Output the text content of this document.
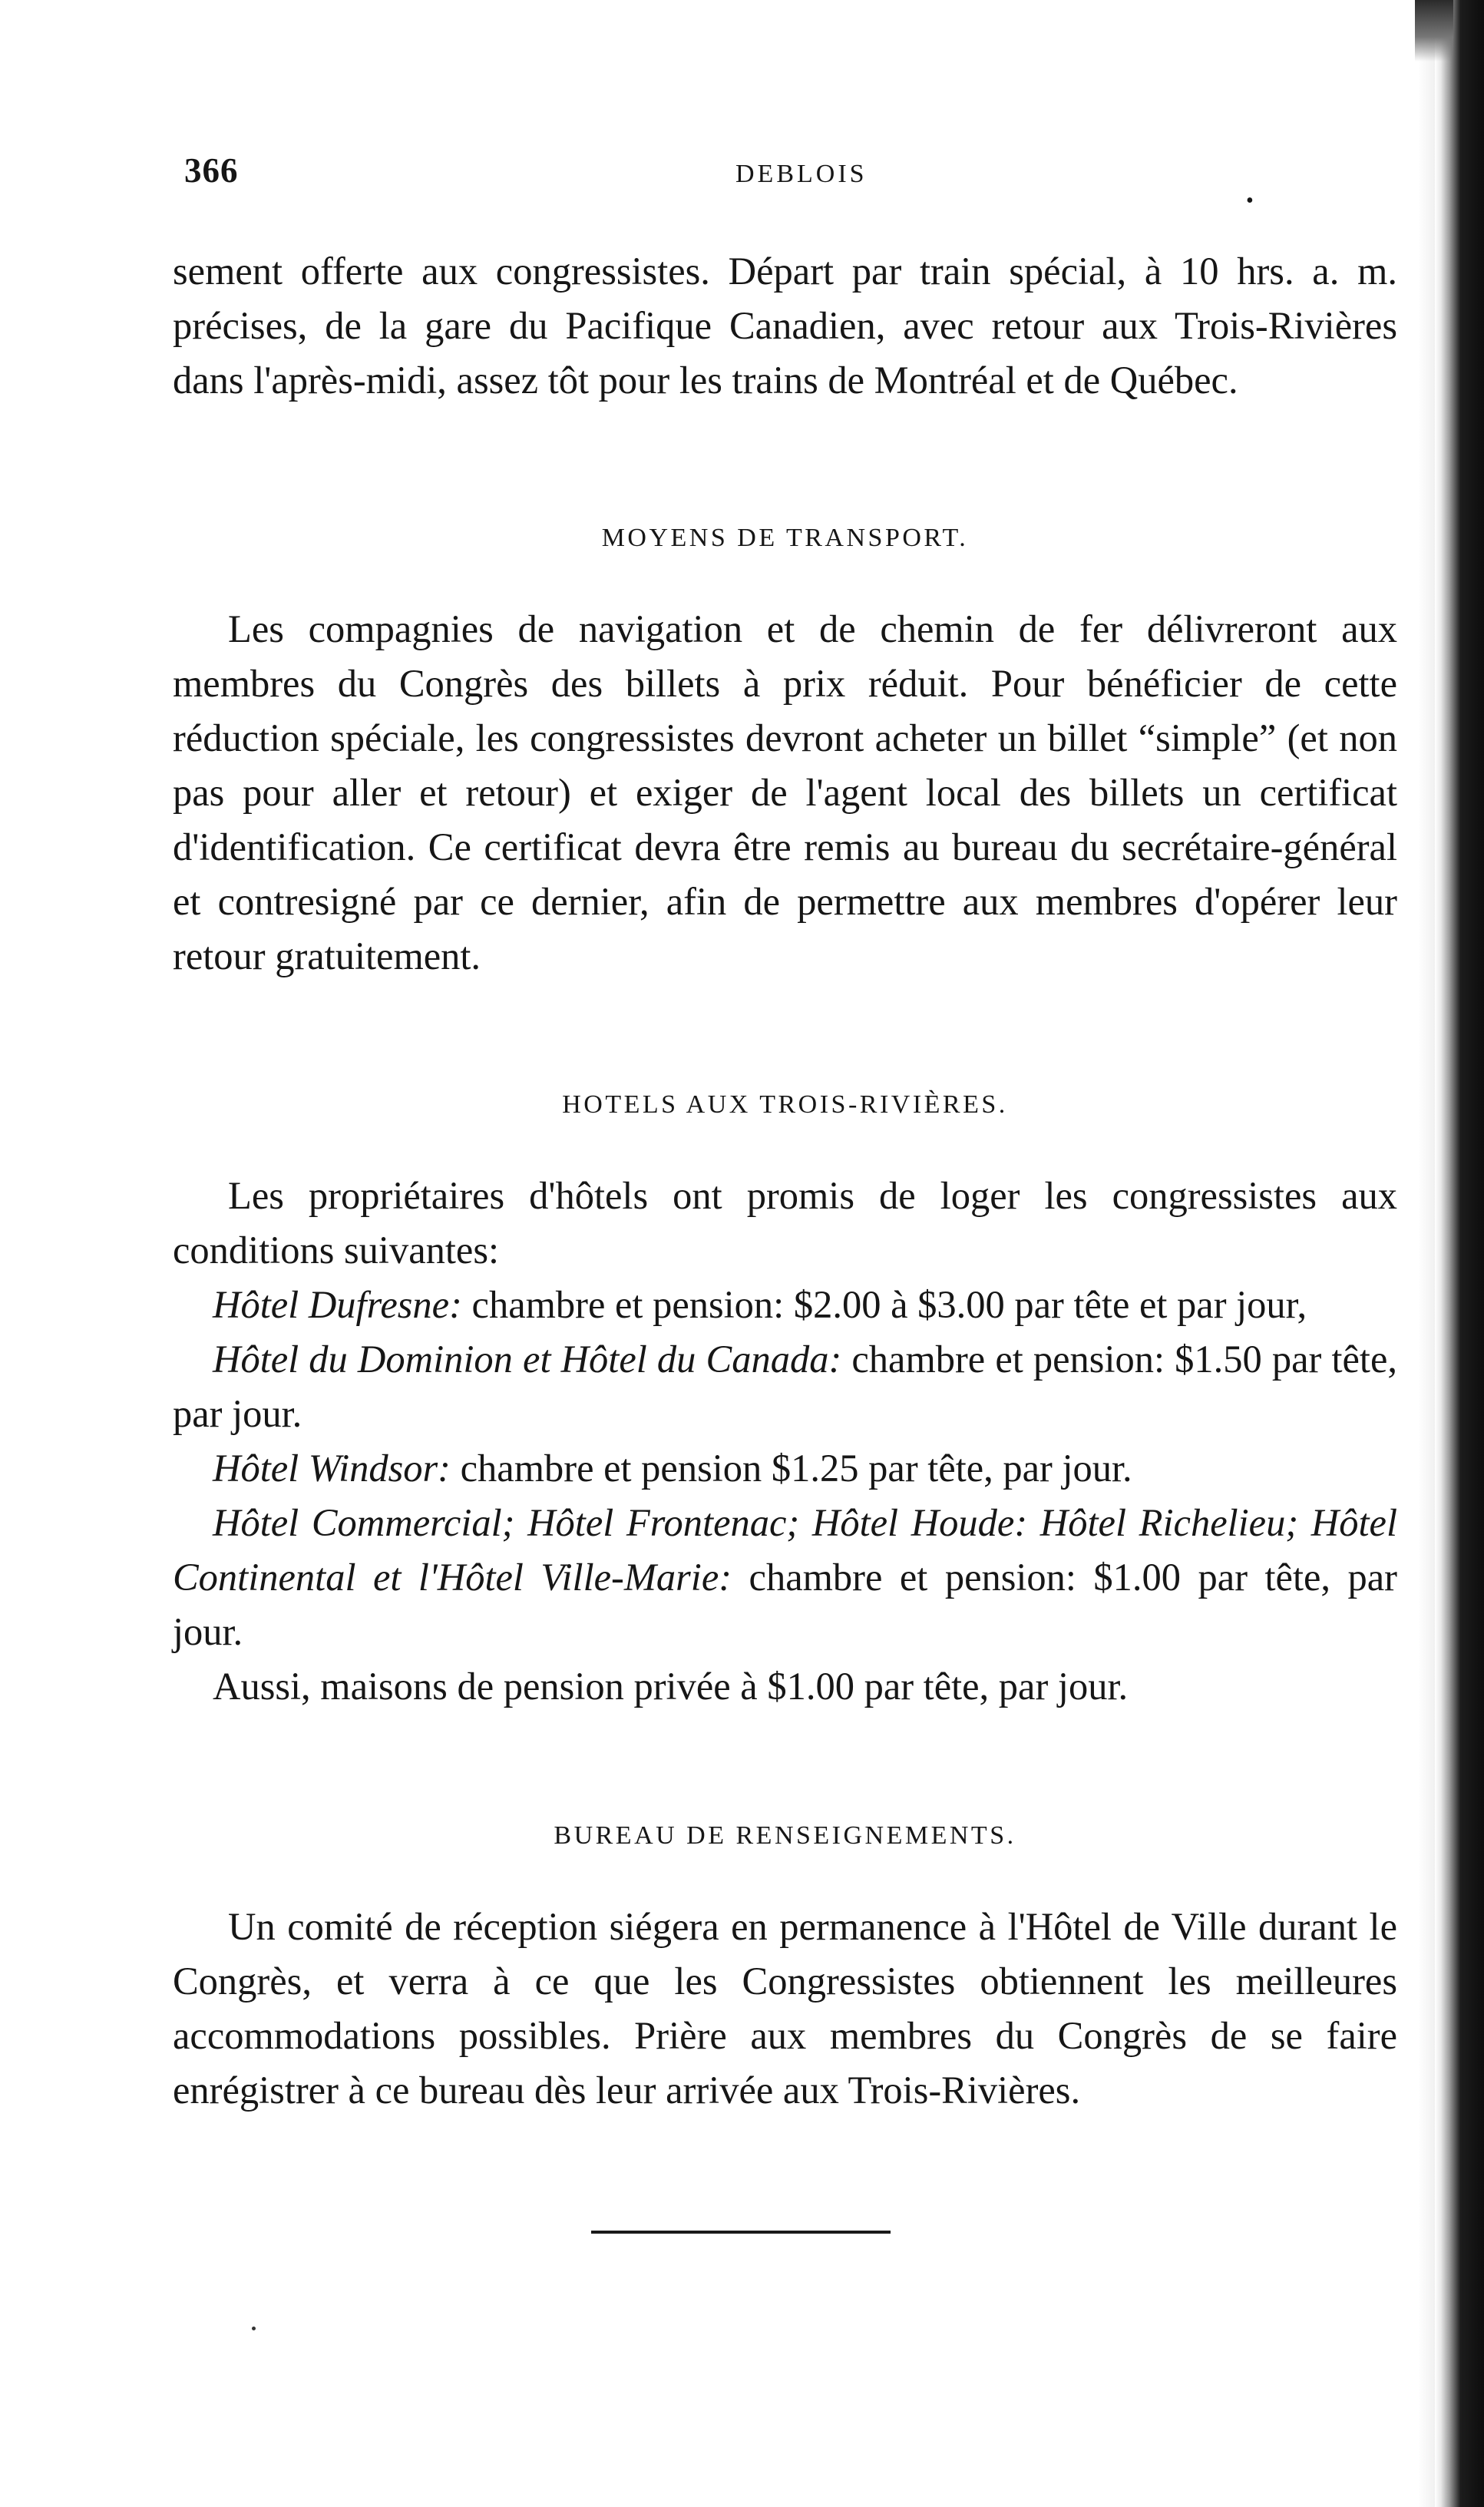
366	DEBLOIS
•

sement offerte aux congressistes. Départ par train spécial, à 10 hrs. a. m. précises, de la gare du Pacifique Canadien, avec retour aux Trois-Rivières dans l'après-midi, assez tôt pour les trains de Montréal et de Québec.

MOYENS DE TRANSPORT.

Les compagnies de navigation et de chemin de fer délivreront aux membres du Congrès des billets à prix réduit. Pour bénéficier de cette réduction spéciale, les congressistes devront acheter un billet “simple” (et non pas pour aller et retour) et exiger de l'agent local des billets un certificat d'identification. Ce certificat devra être remis au bureau du secrétaire-général et contresigné par ce dernier, afin de permettre aux membres d'opérer leur retour gratuitement.

HOTELS AUX TROIS-RIVIÈRES.

Les propriétaires d'hôtels ont promis de loger les congressistes aux conditions suivantes:

Hôtel Dufresne: chambre et pension: $2.00 à $3.00 par tête et par jour,

Hôtel du Dominion et Hôtel du Canada: chambre et pension: $1.50 par tête, par jour.

Hôtel Windsor: chambre et pension $1.25 par tête, par jour.

Hôtel Commercial; Hôtel Frontenac; Hôtel Houde: Hôtel Richelieu; Hôtel Continental et l'Hôtel Ville-Marie: chambre et pension: $1.00 par tête, par jour.

Aussi, maisons de pension privée à $1.00 par tête, par jour.

BUREAU DE RENSEIGNEMENTS.

Un comité de réception siégera en permanence à l'Hôtel de Ville durant le Congrès, et verra à ce que les Congressistes obtiennent les meilleures accommodations possibles. Prière aux membres du Congrès de se faire enrégistrer à ce bureau dès leur arrivée aux Trois-Rivières.
